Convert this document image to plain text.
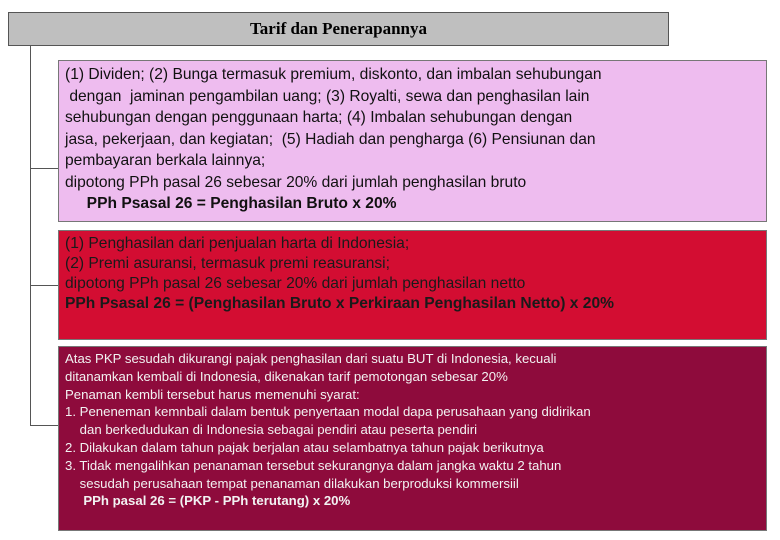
Tarif dan Penerapannya
(1) Dividen; (2) Bunga termasuk premium, diskonto, dan imbalan sehubungan
dengan  jaminan pengambilan uang; (3) Royalti, sewa dan penghasilan lain
sehubungan dengan penggunaan harta; (4) Imbalan sehubungan dengan
jasa, pekerjaan, dan kegiatan;  (5) Hadiah dan pengharga (6) Pensiunan dan
pembayaran berkala lainnya;
dipotong PPh pasal 26 sebesar 20% dari jumlah penghasilan bruto
PPh Psasal 26 = Penghasilan Bruto x 20%
(1) Penghasilan dari penjualan harta di Indonesia;
(2) Premi asuransi, termasuk premi reasuransi;
dipotong PPh pasal 26 sebesar 20% dari jumlah penghasilan netto
PPh Psasal 26 = (Penghasilan Bruto x Perkiraan Penghasilan Netto) x 20%
Atas PKP sesudah dikurangi pajak penghasilan dari suatu BUT di Indonesia, kecuali
ditanamkan kembali di Indonesia, dikenakan tarif pemotongan sebesar 20%
Penaman kembli tersebut harus memenuhi syarat:
1. Peneneman kemnbali dalam bentuk penyertaan modal dapa perusahaan yang didirikan
dan berkedudukan di Indonesia sebagai pendiri atau peserta pendiri
2. Dilakukan dalam tahun pajak berjalan atau selambatnya tahun pajak berikutnya
3. Tidak mengalihkan penanaman tersebut sekurangnya dalam jangka waktu 2 tahun
sesudah perusahaan tempat penanaman dilakukan berproduksi kommersiil
PPh pasal 26 = (PKP - PPh terutang) x 20%
